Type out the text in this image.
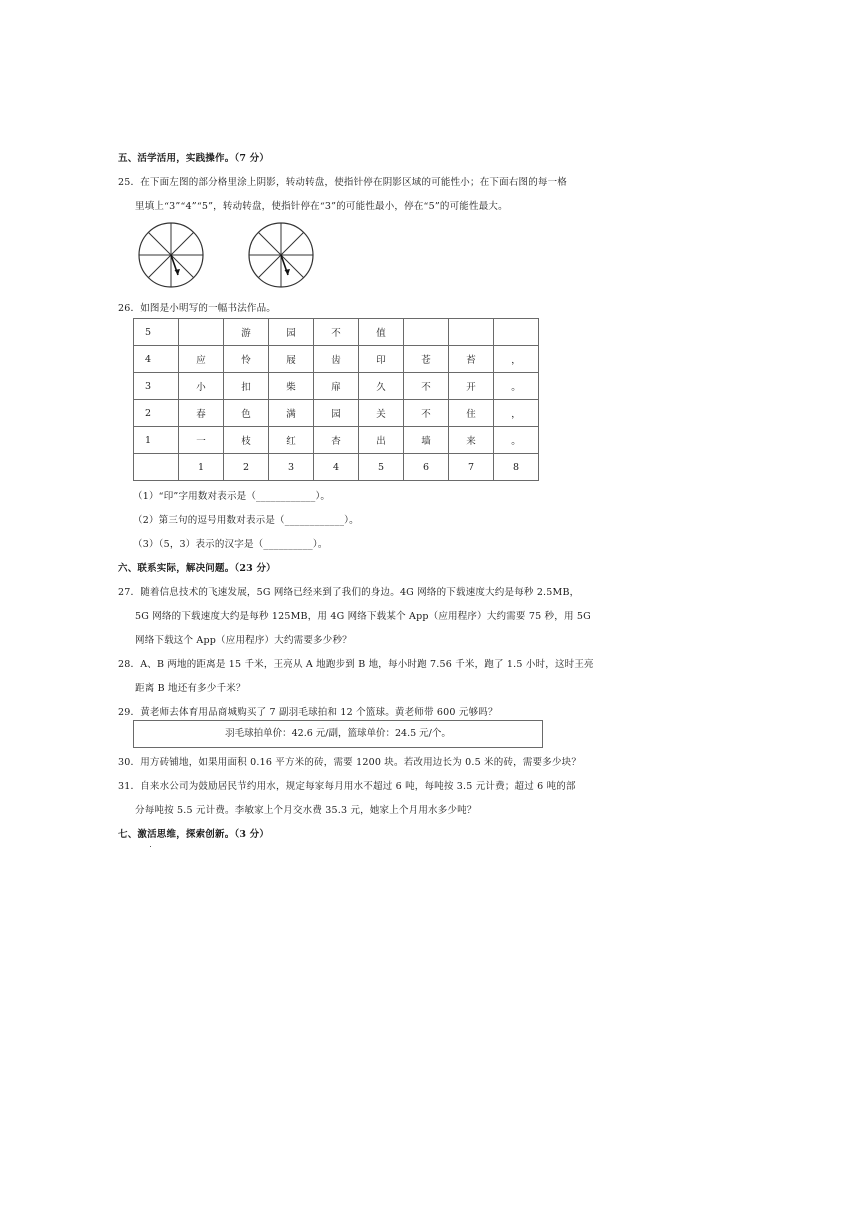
五、活学活用，实践操作。（7 分）
25．在下面左图的部分格里涂上阴影，转动转盘，使指针停在阴影区域的可能性小；在下面右图的每一格
里填上“3”“4”“5”，转动转盘，使指针停在“3”的可能性最小，停在“5”的可能性最大。
26．如图是小明写的一幅书法作品。
5		游	园	不	值			
4	应	怜	屐	齿	印	苍	苔	，
3	小	扣	柴	扉	久	不	开	。
2	春	色	满	园	关	不	住	，
1	一	枝	红	杏	出	墙	来	。
	1	2	3	4	5	6	7	8
（1）“印”字用数对表示是（____________）。
（2）第三句的逗号用数对表示是（____________）。
（3）（5，3）表示的汉字是（__________）。
六、联系实际，解决问题。（23 分）
27．随着信息技术的飞速发展，5G 网络已经来到了我们的身边。4G 网络的下载速度大约是每秒 2.5MB，
5G 网络的下载速度大约是每秒 125MB，用 4G 网络下载某个 App（应用程序）大约需要 75 秒，用 5G
网络下载这个 App（应用程序）大约需要多少秒？
28．A、B 两地的距离是 15 千米，王亮从 A 地跑步到 B 地，每小时跑 7.56 千米，跑了 1.5 小时，这时王亮
距离 B 地还有多少千米？
29．黄老师去体育用品商城购买了 7 副羽毛球拍和 12 个篮球。黄老师带 600 元够吗？
羽毛球拍单价：42.6 元/副，篮球单价：24.5 元/个。
30．用方砖铺地，如果用面积 0.16 平方米的砖，需要 1200 块。若改用边长为 0.5 米的砖，需要多少块？
31．自来水公司为鼓励居民节约用水，规定每家每月用水不超过 6 吨，每吨按 3.5 元计费；超过 6 吨的部
分每吨按 5.5 元计费。李敏家上个月交水费 35.3 元，她家上个月用水多少吨？
七、激活思维，探索创新。（3 分）
